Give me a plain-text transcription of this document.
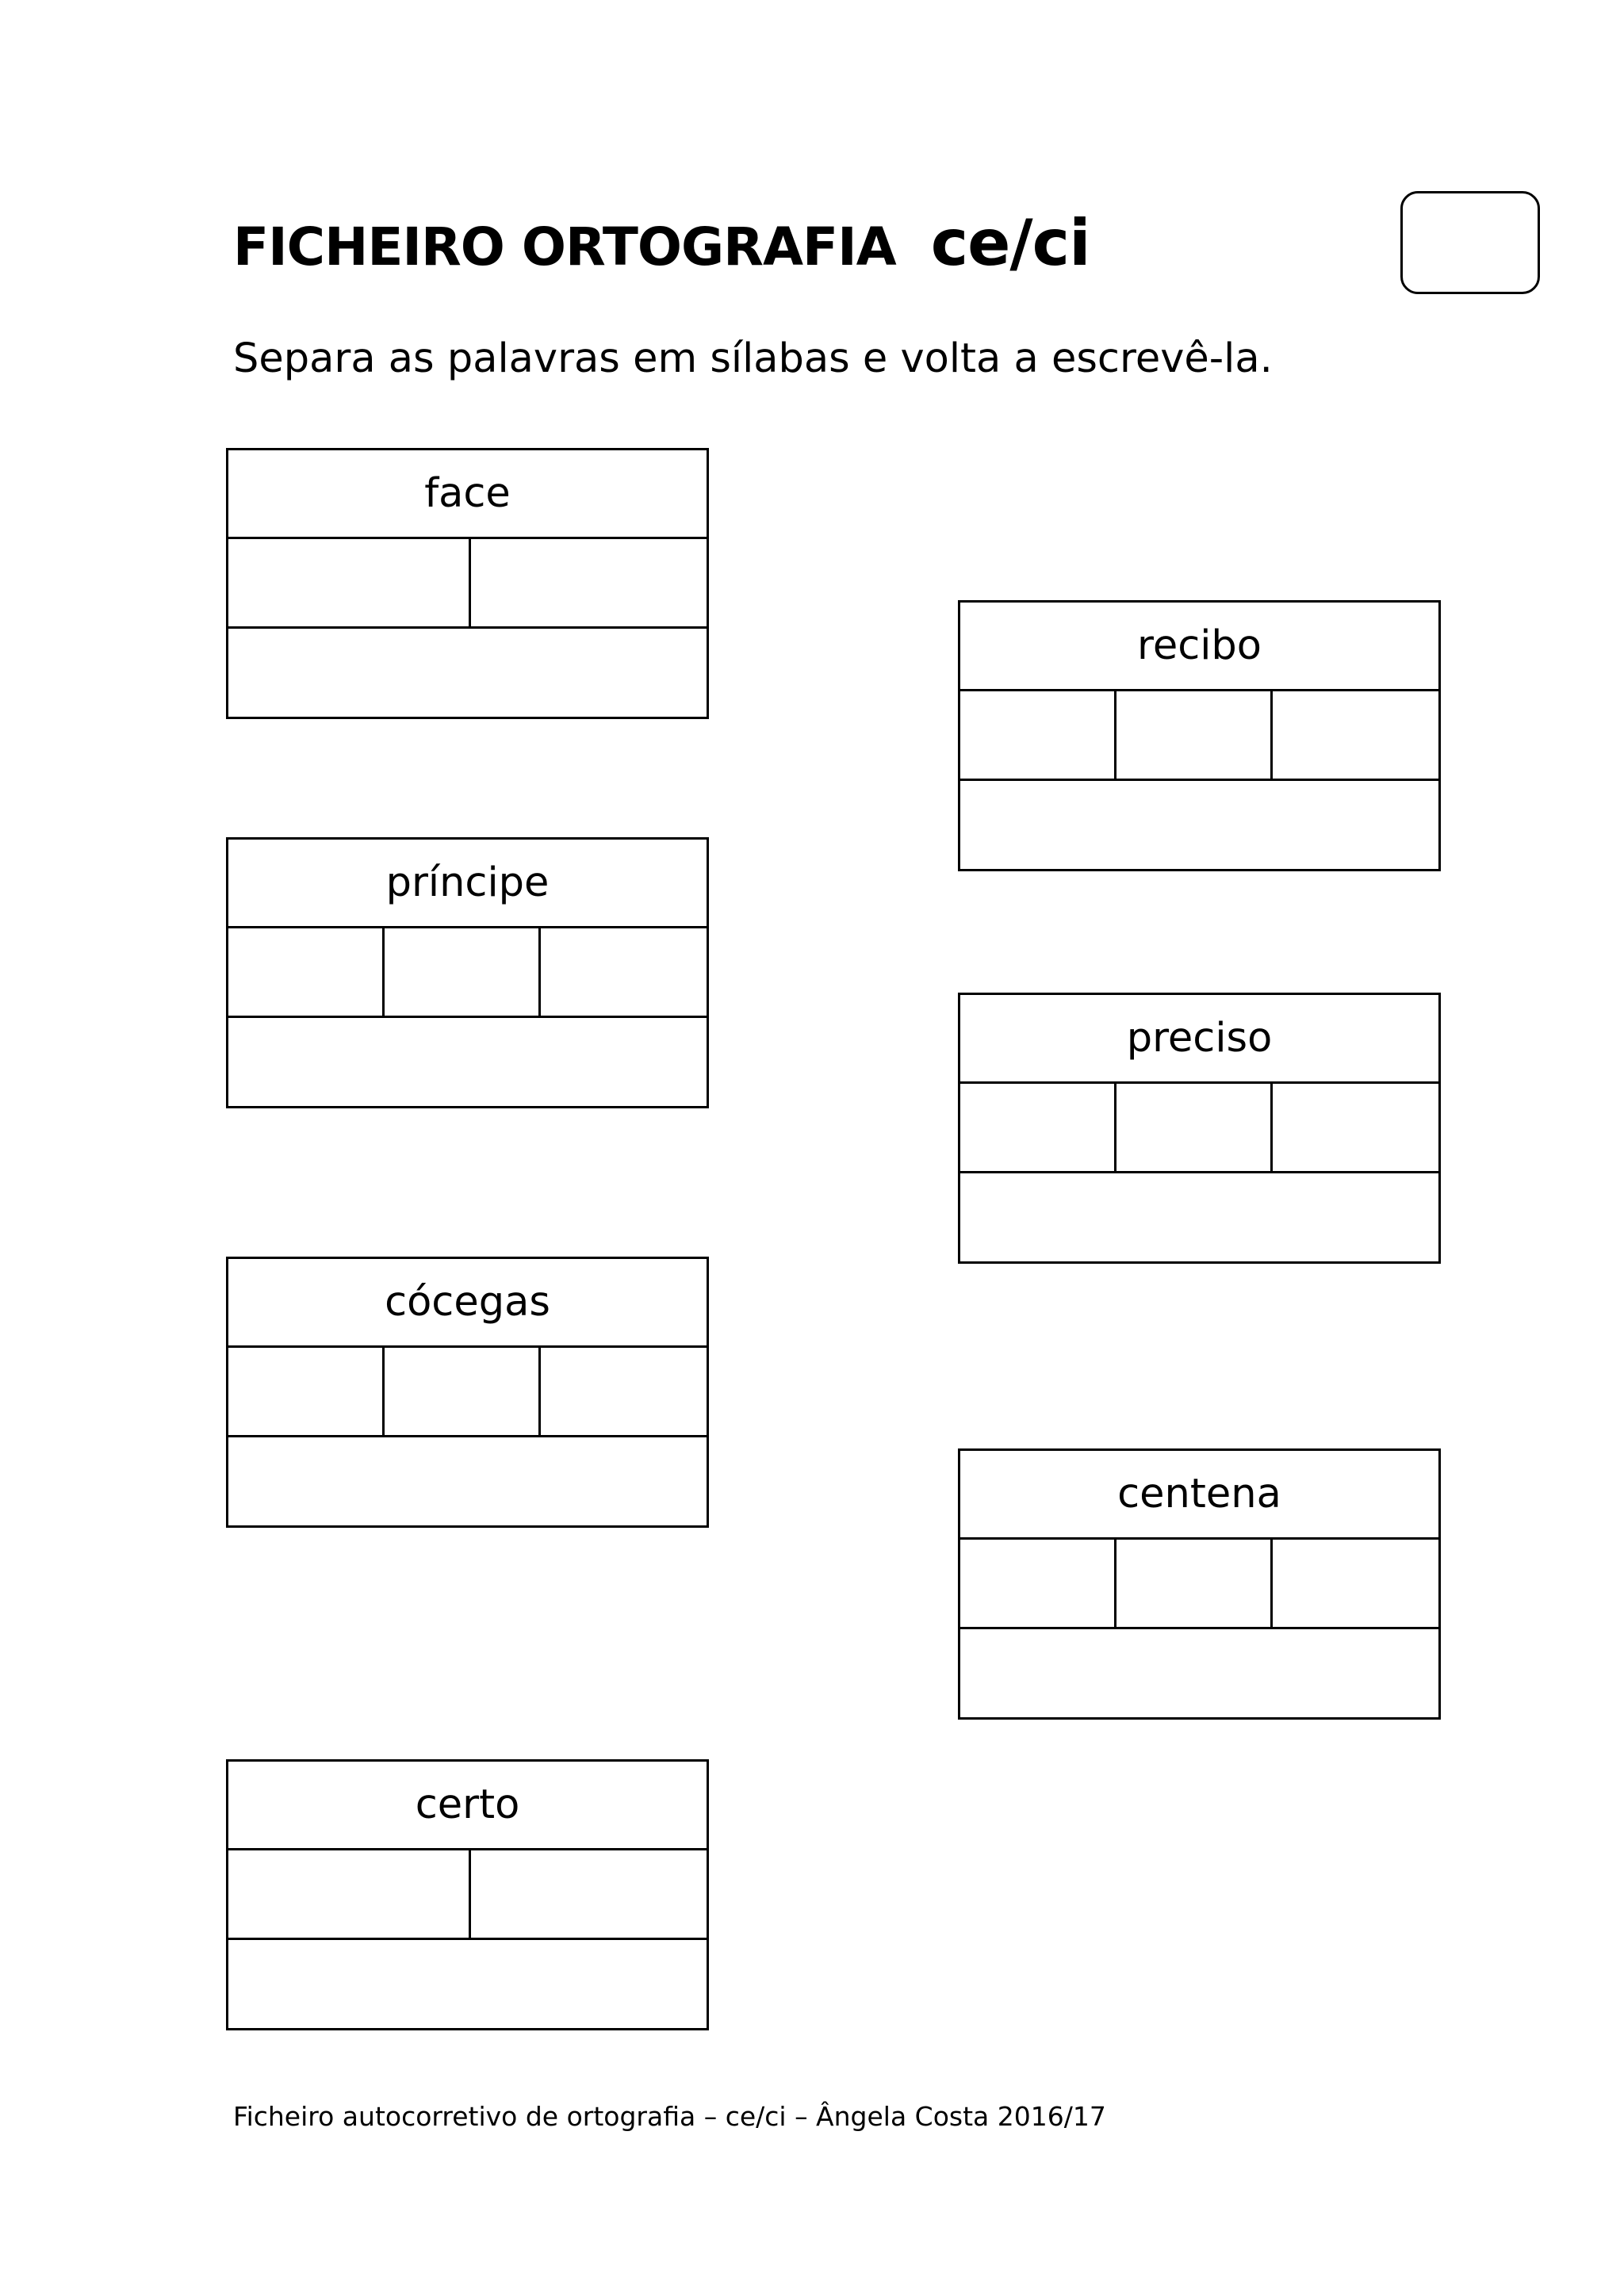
FICHEIRO ORTOGRAFIA ce/ci

Separa as palavras em sílabas e volta a escrevê-la.

face
príncipe
cócegas
certo
recibo
preciso
centena

Ficheiro autocorretivo de ortografia – ce/ci – Ângela Costa 2016/17
